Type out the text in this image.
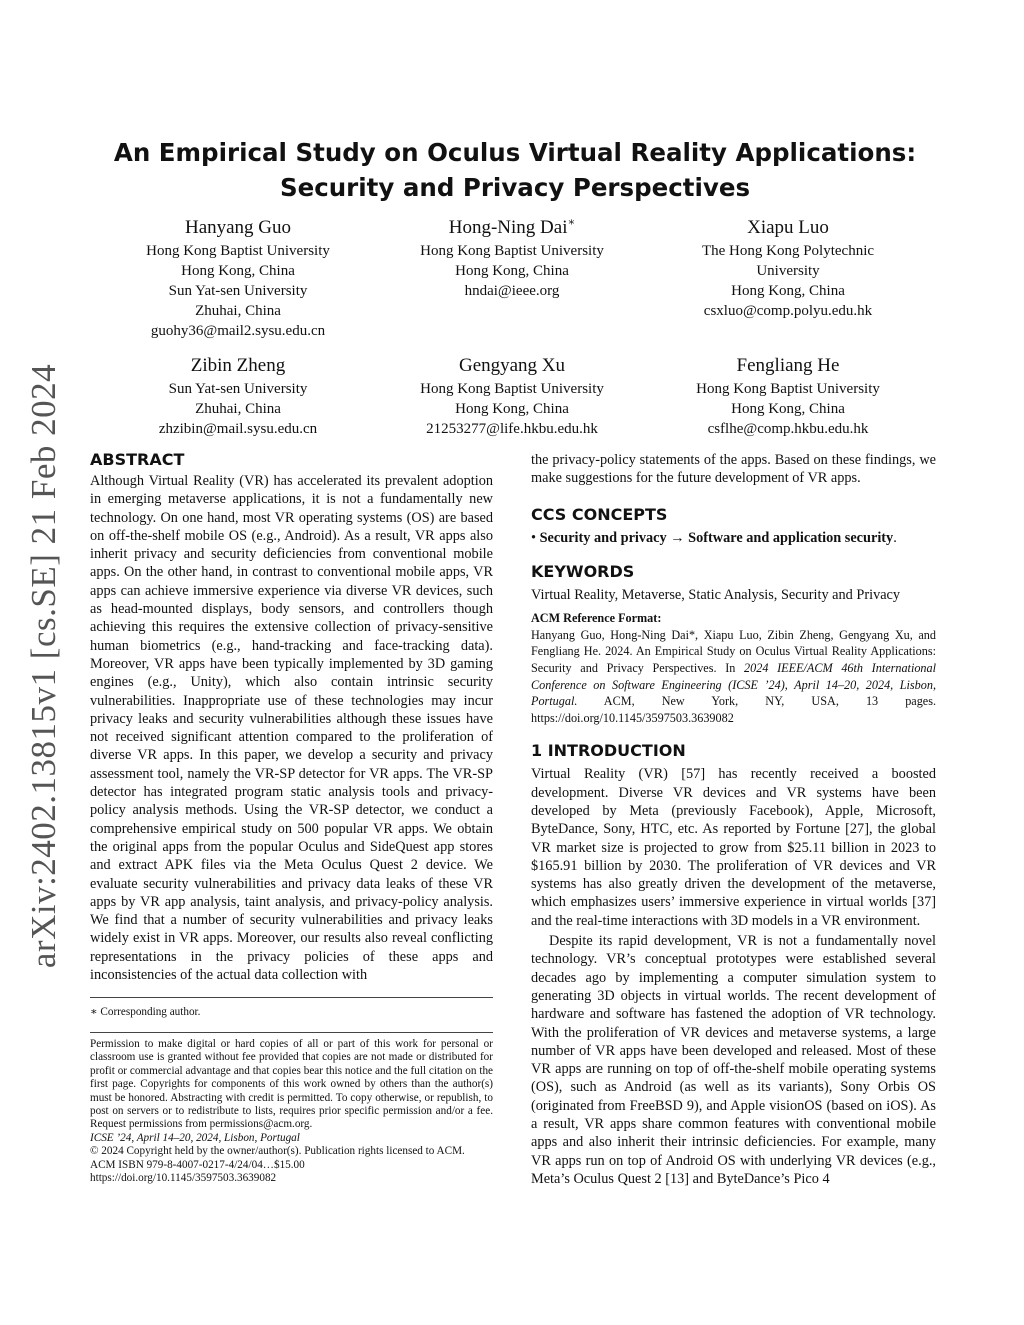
arXiv:2402.13815v1 [cs.SE] 21 Feb 2024
An Empirical Study on Oculus Virtual Reality Applications:
Security and Privacy Perspectives
Hanyang Guo
Hong Kong Baptist University
Hong Kong, China
Sun Yat-sen University
Zhuhai, China
guohy36@mail2.sysu.edu.cn
Hong-Ning Dai∗
Hong Kong Baptist University
Hong Kong, China
hndai@ieee.org
Xiapu Luo
The Hong Kong Polytechnic University
Hong Kong, China
csxluo@comp.polyu.edu.hk
Zibin Zheng
Sun Yat-sen University
Zhuhai, China
zhzibin@mail.sysu.edu.cn
Gengyang Xu
Hong Kong Baptist University
Hong Kong, China
21253277@life.hkbu.edu.hk
Fengliang He
Hong Kong Baptist University
Hong Kong, China
csflhe@comp.hkbu.edu.hk
ABSTRACT

Although Virtual Reality (VR) has accelerated its prevalent adoption in emerging metaverse applications, it is not a fundamentally new technology. On one hand, most VR operating systems (OS) are based on off-the-shelf mobile OS (e.g., Android). As a result, VR apps also inherit privacy and security deficiencies from conventional mobile apps. On the other hand, in contrast to conventional mobile apps, VR apps can achieve immersive experience via diverse VR devices, such as head-mounted displays, body sensors, and controllers though achieving this requires the extensive collection of privacy-sensitive human biometrics (e.g., hand-tracking and face-tracking data). Moreover, VR apps have been typically implemented by 3D gaming engines (e.g., Unity), which also contain intrinsic security vulnerabilities. Inappropriate use of these technologies may incur privacy leaks and security vulnerabilities although these issues have not received significant attention compared to the proliferation of diverse VR apps. In this paper, we develop a security and privacy assessment tool, namely the VR-SP detector for VR apps. The VR-SP detector has integrated program static analysis tools and privacy-policy analysis methods. Using the VR-SP detector, we conduct a comprehensive empirical study on 500 popular VR apps. We obtain the original apps from the popular Oculus and SideQuest app stores and extract APK files via the Meta Oculus Quest 2 device. We evaluate security vulnerabilities and privacy data leaks of these VR apps by VR app analysis, taint analysis, and privacy-policy analysis. We find that a number of security vulnerabilities and privacy leaks widely exist in VR apps. Moreover, our results also reveal conflicting representations in the privacy policies of these apps and inconsistencies of the actual data collection with

∗ Corresponding author.

Permission to make digital or hard copies of all or part of this work for personal or classroom use is granted without fee provided that copies are not made or distributed for profit or commercial advantage and that copies bear this notice and the full citation on the first page. Copyrights for components of this work owned by others than the author(s) must be honored. Abstracting with credit is permitted. To copy otherwise, or republish, to post on servers or to redistribute to lists, requires prior specific permission and/or a fee. Request permissions from permissions@acm.org.

ICSE ’24, April 14–20, 2024, Lisbon, Portugal

© 2024 Copyright held by the owner/author(s). Publication rights licensed to ACM.

ACM ISBN 979-8-4007-0217-4/24/04…$15.00

https://doi.org/10.1145/3597503.3639082

the privacy-policy statements of the apps. Based on these findings, we make suggestions for the future development of VR apps.

CCS CONCEPTS

• Security and privacy → Software and application security.

KEYWORDS

Virtual Reality, Metaverse, Static Analysis, Security and Privacy

ACM Reference Format:

Hanyang Guo, Hong-Ning Dai*, Xiapu Luo, Zibin Zheng, Gengyang Xu, and Fengliang He. 2024. An Empirical Study on Oculus Virtual Reality Applications: Security and Privacy Perspectives. In 2024 IEEE/ACM 46th International Conference on Software Engineering (ICSE ’24), April 14–20, 2024, Lisbon, Portugal. ACM, New York, NY, USA, 13 pages. https://doi.org/10.1145/3597503.3639082

1 INTRODUCTION

Virtual Reality (VR) [57] has recently received a boosted development. Diverse VR devices and VR systems have been developed by Meta (previously Facebook), Apple, Microsoft, ByteDance, Sony, HTC, etc. As reported by Fortune [27], the global VR market size is projected to grow from $25.11 billion in 2023 to $165.91 billion by 2030. The proliferation of VR devices and VR systems has also greatly driven the development of the metaverse, which emphasizes users’ immersive experience in virtual worlds [37] and the real-time interactions with 3D models in a VR environment.

Despite its rapid development, VR is not a fundamentally novel technology. VR’s conceptual prototypes were established several decades ago by implementing a computer simulation system to generating 3D objects in virtual worlds. The recent development of hardware and software has fastened the adoption of VR technology. With the proliferation of VR devices and metaverse systems, a large number of VR apps have been developed and released. Most of these VR apps are running on top of off-the-shelf mobile operating systems (OS), such as Android (as well as its variants), Sony Orbis OS (originated from FreeBSD 9), and Apple visionOS (based on iOS). As a result, VR apps share common features with conventional mobile apps and also inherit their intrinsic deficiencies. For example, many VR apps run on top of Android OS with underlying VR devices (e.g., Meta’s Oculus Quest 2 [13] and ByteDance’s Pico 4
